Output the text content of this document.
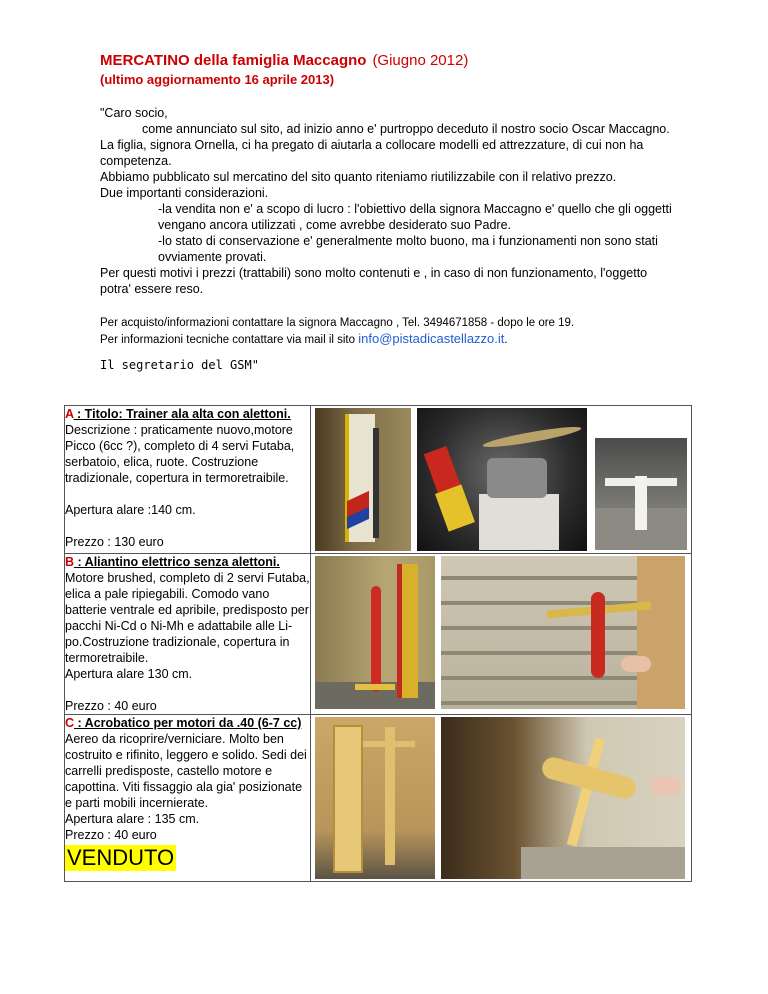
MERCATINO della famiglia Maccagno (Giugno 2012)
(ultimo aggiornamento 16 aprile 2013)

"Caro socio,

come annunciato sul sito, ad inizio anno e' purtroppo deceduto il nostro socio Oscar Maccagno.

La figlia, signora Ornella, ci ha pregato di aiutarla a collocare modelli ed attrezzature, di cui non ha competenza.

Abbiamo pubblicato sul mercatino del sito quanto riteniamo riutilizzabile con il relativo prezzo.

Due importanti considerazioni.

-la vendita non e' a scopo di lucro : l'obiettivo della signora Maccagno e' quello che gli oggetti vengano ancora utilizzati , come avrebbe desiderato suo Padre.

-lo stato di conservazione e' generalmente molto buono, ma i funzionamenti non sono stati ovviamente provati.

Per questi motivi i prezzi (trattabili) sono molto contenuti e , in caso di non funzionamento, l'oggetto potra' essere reso.

Per acquisto/informazioni contattare la signora Maccagno , Tel. 3494671858 - dopo le ore 19.

Per informazioni tecniche contattare via mail il sito info@pistadicastellazzo.it.

Il segretario del GSM"

A : Titolo: Trainer ala alta con alettoni.

Descrizione : praticamente nuovo,motore Picco (6cc ?), completo di 4 servi Futaba, serbatoio, elica, ruote. Costruzione tradizionale, copertura in termoretraibile.

Apertura alare :140 cm.

Prezzo : 130 euro	

B : Aliantino elettrico senza alettoni.

Motore brushed, completo di 2 servi Futaba, elica a pale ripiegabili. Comodo vano batterie ventrale ed apribile, predisposto per pacchi Ni-Cd o Ni-Mh e adattabile alle Li-po.Costruzione tradizionale, copertura in termoretraibile.

Apertura alare 130 cm.

Prezzo : 40 euro	

C : Acrobatico per motori da .40 (6-7 cc)

Aereo da ricoprire/verniciare. Molto ben costruito e rifinito, leggero e solido. Sedi dei carrelli predisposte, castello motore e capottina. Viti fissaggio ala gia' posizionate e parti mobili incernierate.

Apertura alare : 135 cm.

Prezzo : 40 euro

VENDUTO	
